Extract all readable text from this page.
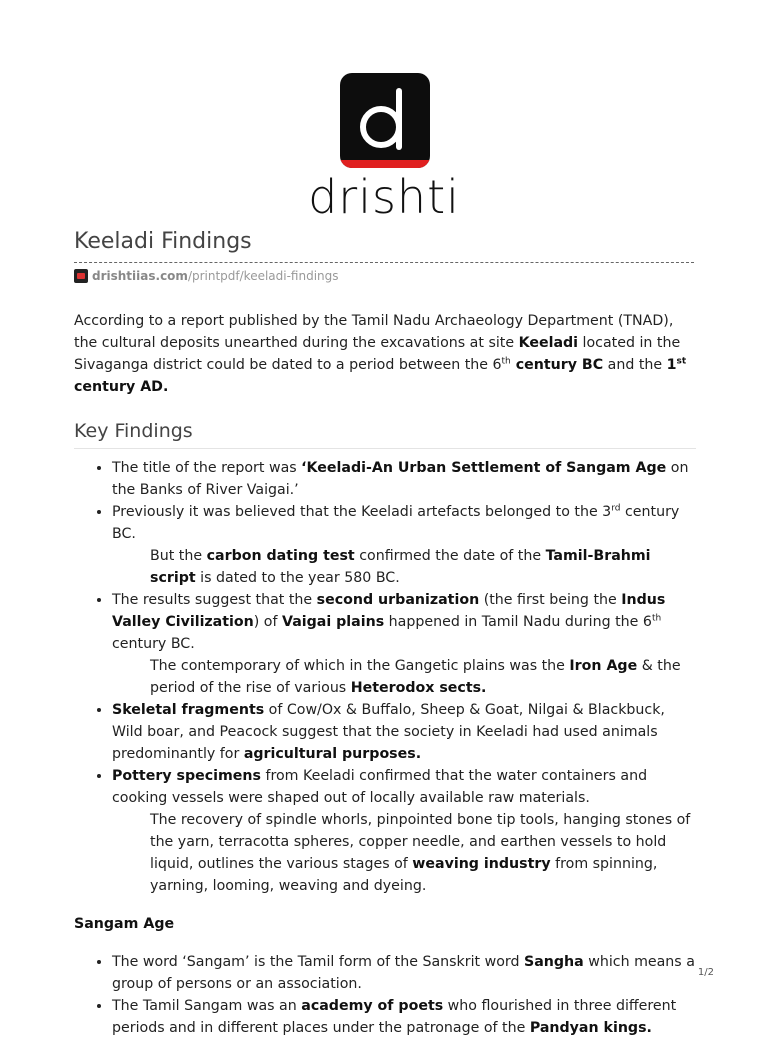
drishti
Keeladi Findings
drishtiias.com /printpdf/keeladi-findings

According to a report published by the Tamil Nadu Archaeology Department (TNAD), the cultural deposits unearthed during the excavations at site Keeladi located in the Sivaganga district could be dated to a period between the 6th century BC and the 1st century AD.

Key Findings
• The title of the report was ‘Keeladi-An Urban Settlement of Sangam Age on the Banks of River Vaigai.’
• Previously it was believed that the Keeladi artefacts belonged to the 3rd century BC.

But the carbon dating test confirmed the date of the Tamil-Brahmi script is dated to the year 580 BC.

• The results suggest that the second urbanization (the first being the Indus Valley Civilization) of Vaigai plains happened in Tamil Nadu during the 6th century BC.

The contemporary of which in the Gangetic plains was the Iron Age & the period of the rise of various Heterodox sects.

• Skeletal fragments of Cow/Ox & Buffalo, Sheep & Goat, Nilgai & Blackbuck, Wild boar, and Peacock suggest that the society in Keeladi had used animals predominantly for agricultural purposes.
• Pottery specimens from Keeladi confirmed that the water containers and cooking vessels were shaped out of locally available raw materials.

The recovery of spindle whorls, pinpointed bone tip tools, hanging stones of the yarn, terracotta spheres, copper needle, and earthen vessels to hold liquid, outlines the various stages of weaving industry from spinning, yarning, looming, weaving and dyeing.

Sangam Age

• The word ‘Sangam’ is the Tamil form of the Sanskrit word Sangha which means a group of persons or an association.
• The Tamil Sangam was an academy of poets who flourished in three different periods and in different places under the patronage of the Pandyan kings.
1/2
